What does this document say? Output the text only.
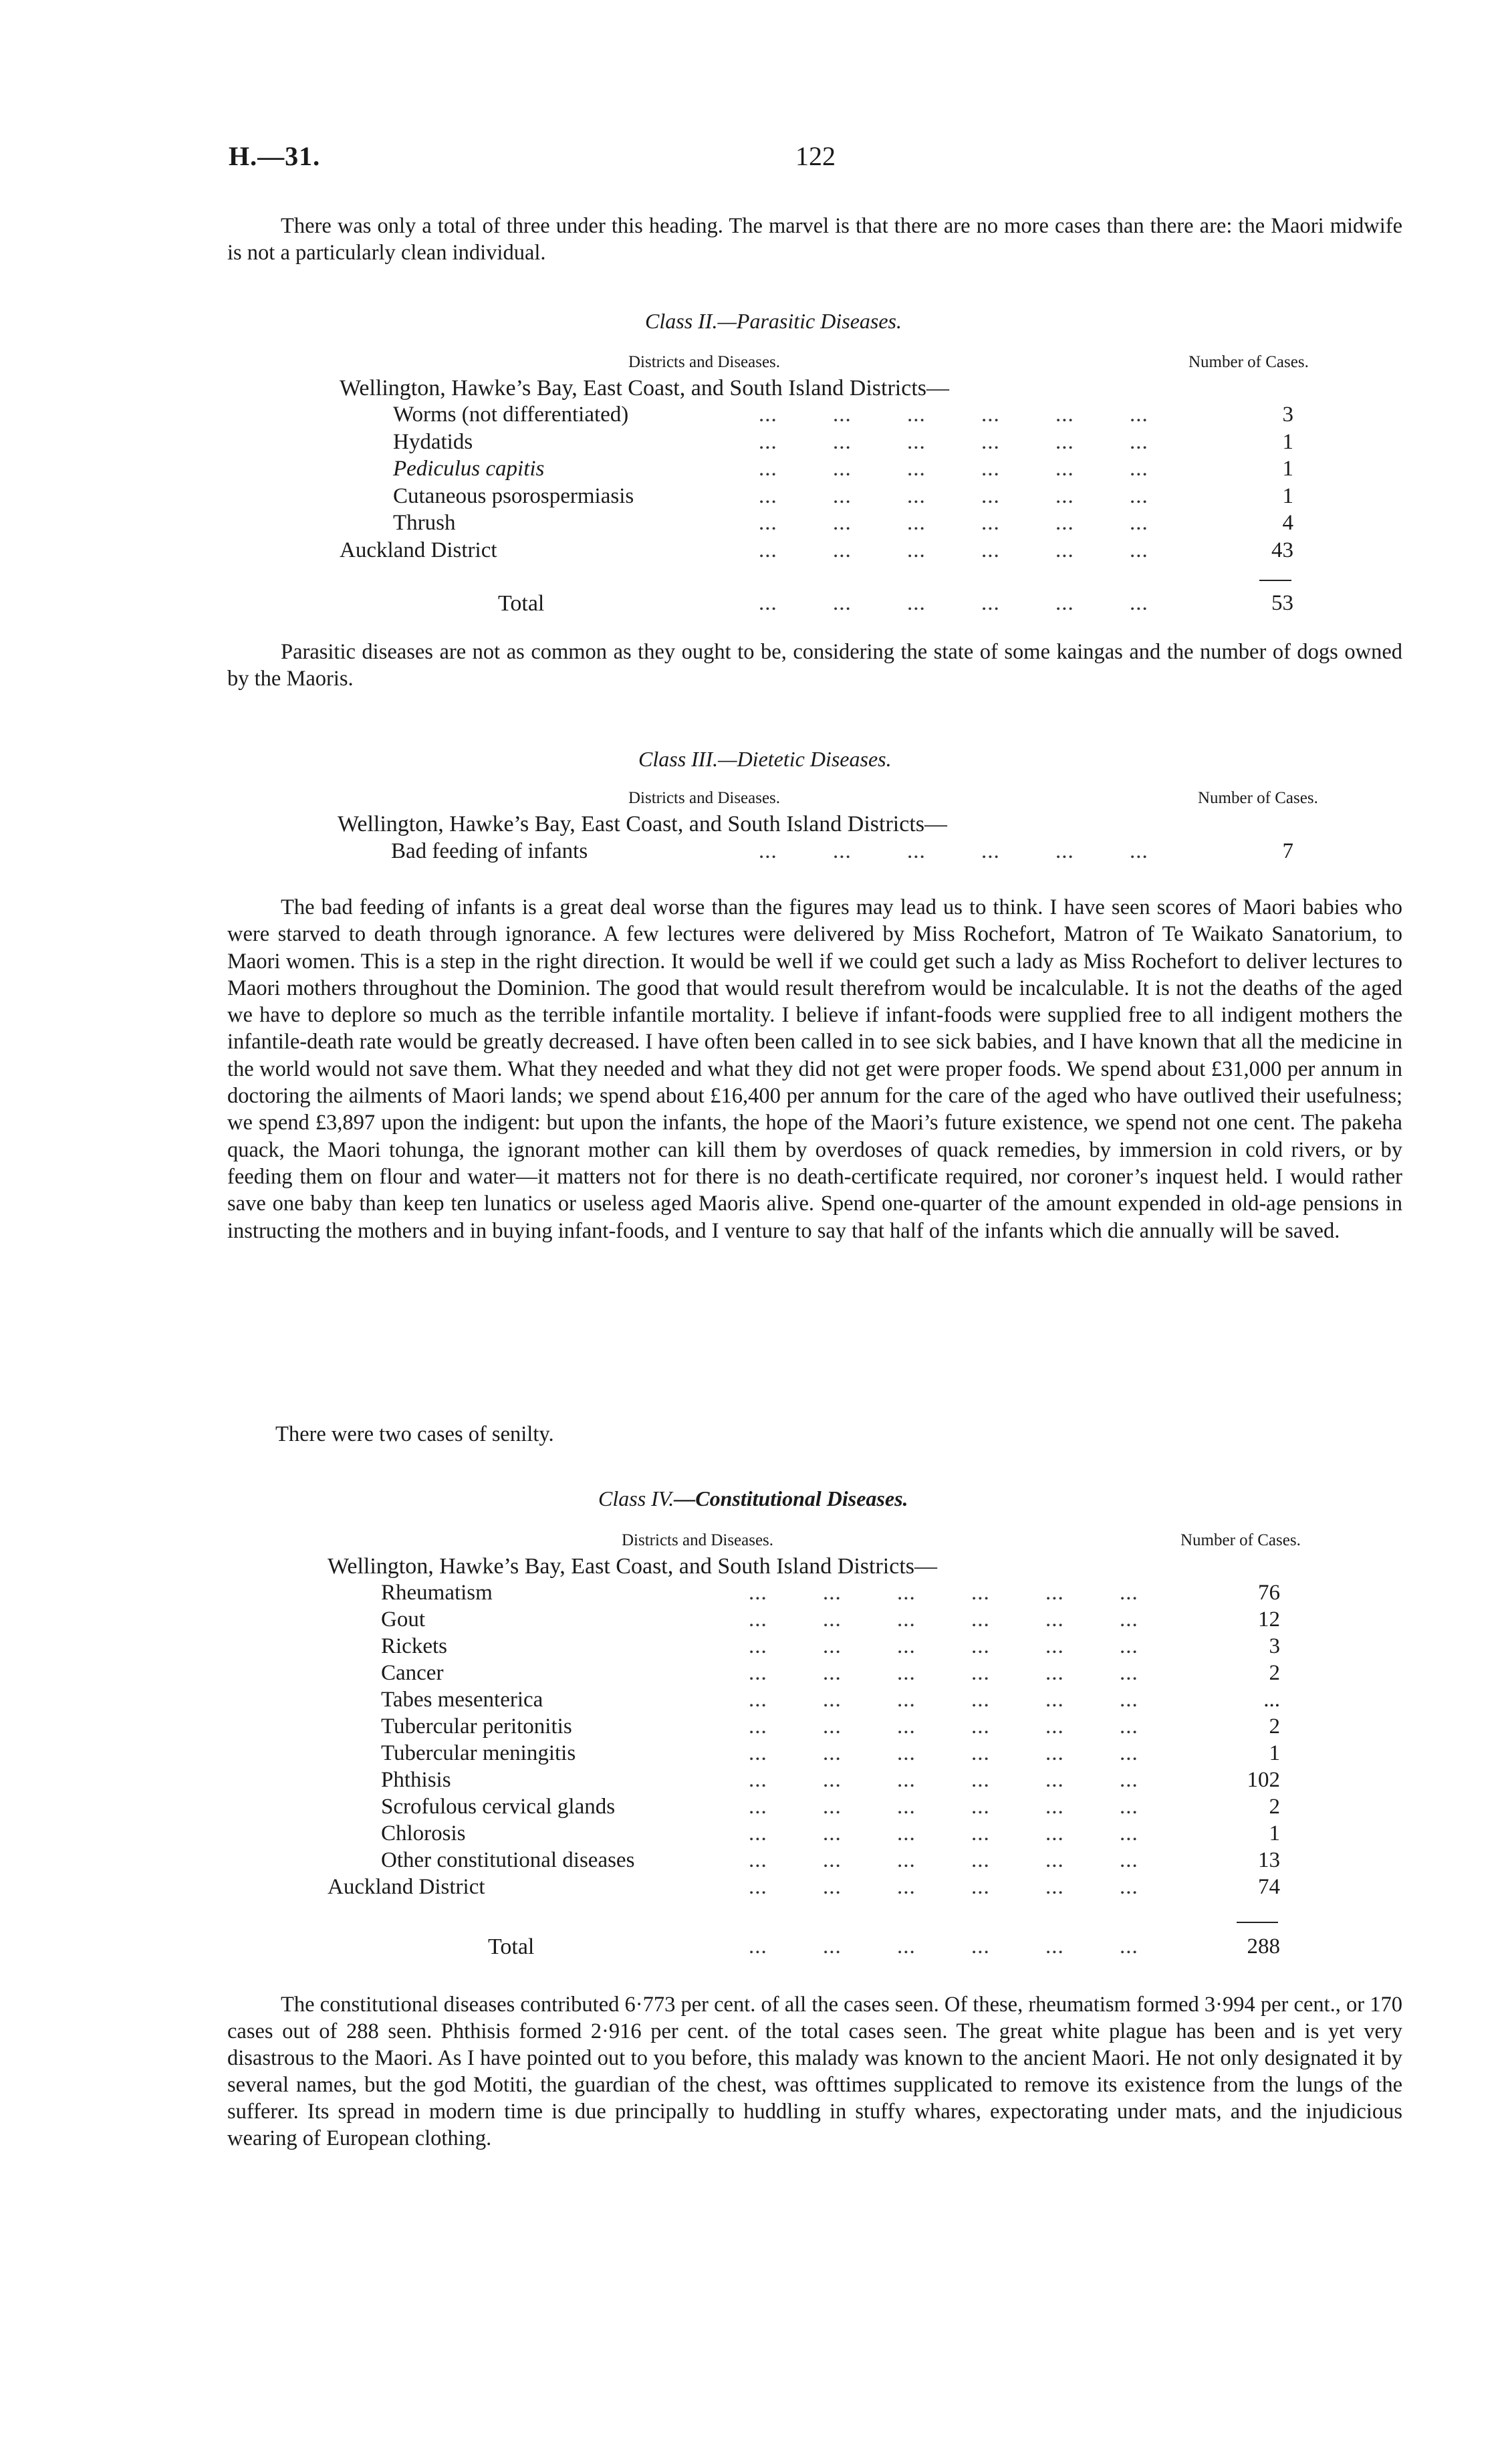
H.—31.	122

There was only a total of three under this heading. The marvel is that there are no more cases than there are: the Maori midwife is not a particularly clean individual.

Class II.—Parasitic Diseases.
Districts and Diseases.	Number of Cases.
Wellington, Hawke’s Bay, East Coast, and South Island Districts—
Worms (not differentiated)	...         ...         ...         ...         ...         ...	3
Hydatids	...         ...         ...         ...         ...         ...	1
Pediculus capitis	...         ...         ...         ...         ...         ...	1
Cutaneous psorospermiasis	...         ...         ...         ...         ...         ...	1
Thrush	...         ...         ...         ...         ...         ...	4
Auckland District	...         ...         ...         ...         ...         ...	43
Total	...         ...         ...         ...         ...         ...	53

Parasitic diseases are not as common as they ought to be, considering the state of some kaingas and the number of dogs owned by the Maoris.

Class III.—Dietetic Diseases.
Districts and Diseases.	Number of Cases.
Wellington, Hawke’s Bay, East Coast, and South Island Districts—
Bad feeding of infants	...         ...         ...         ...         ...         ...	7

The bad feeding of infants is a great deal worse than the figures may lead us to think. I have seen scores of Maori babies who were starved to death through ignorance. A few lectures were delivered by Miss Rochefort, Matron of Te Waikato Sanatorium, to Maori women. This is a step in the right direction. It would be well if we could get such a lady as Miss Rochefort to deliver lectures to Maori mothers throughout the Dominion. The good that would result therefrom would be incalculable. It is not the deaths of the aged we have to deplore so much as the terrible infantile mortality. I believe if infant-foods were supplied free to all indigent mothers the infantile-death rate would be greatly decreased. I have often been called in to see sick babies, and I have known that all the medicine in the world would not save them. What they needed and what they did not get were proper foods. We spend about £31,000 per annum in doctoring the ailments of Maori lands; we spend about £16,400 per annum for the care of the aged who have outlived their usefulness; we spend £3,897 upon the indigent: but upon the infants, the hope of the Maori’s future existence, we spend not one cent. The pakeha quack, the Maori tohunga, the ignorant mother can kill them by overdoses of quack remedies, by immersion in cold rivers, or by feeding them on flour and water—it matters not for there is no death-certificate required, nor coroner’s inquest held. I would rather save one baby than keep ten lunatics or useless aged Maoris alive. Spend one-quarter of the amount expended in old-age pensions in instructing the mothers and in buying infant-foods, and I venture to say that half of the infants which die annually will be saved.

There were two cases of senilty.

Class IV.—Constitutional Diseases.
Districts and Diseases.	Number of Cases.
Wellington, Hawke’s Bay, East Coast, and South Island Districts—
Rheumatism	...         ...         ...         ...         ...         ...	76
Gout	...         ...         ...         ...         ...         ...	12
Rickets	...         ...         ...         ...         ...         ...	3
Cancer	...         ...         ...         ...         ...         ...	2
Tabes mesenterica	...         ...         ...         ...         ...         ...	...
Tubercular peritonitis	...         ...         ...         ...         ...         ...	2
Tubercular meningitis	...         ...         ...         ...         ...         ...	1
Phthisis	...         ...         ...         ...         ...         ...	102
Scrofulous cervical glands	...         ...         ...         ...         ...         ...	2
Chlorosis	...         ...         ...         ...         ...         ...	1
Other constitutional diseases	...         ...         ...         ...         ...         ...	13
Auckland District	...         ...         ...         ...         ...         ...	74
Total	...         ...         ...         ...         ...         ...	288

The constitutional diseases contributed 6·773 per cent. of all the cases seen. Of these, rheumatism formed 3·994 per cent., or 170 cases out of 288 seen. Phthisis formed 2·916 per cent. of the total cases seen. The great white plague has been and is yet very disastrous to the Maori. As I have pointed out to you before, this malady was known to the ancient Maori. He not only designated it by several names, but the god Motiti, the guardian of the chest, was ofttimes supplicated to remove its existence from the lungs of the sufferer. Its spread in modern time is due principally to huddling in stuffy whares, expectorating under mats, and the injudicious wearing of European clothing.
